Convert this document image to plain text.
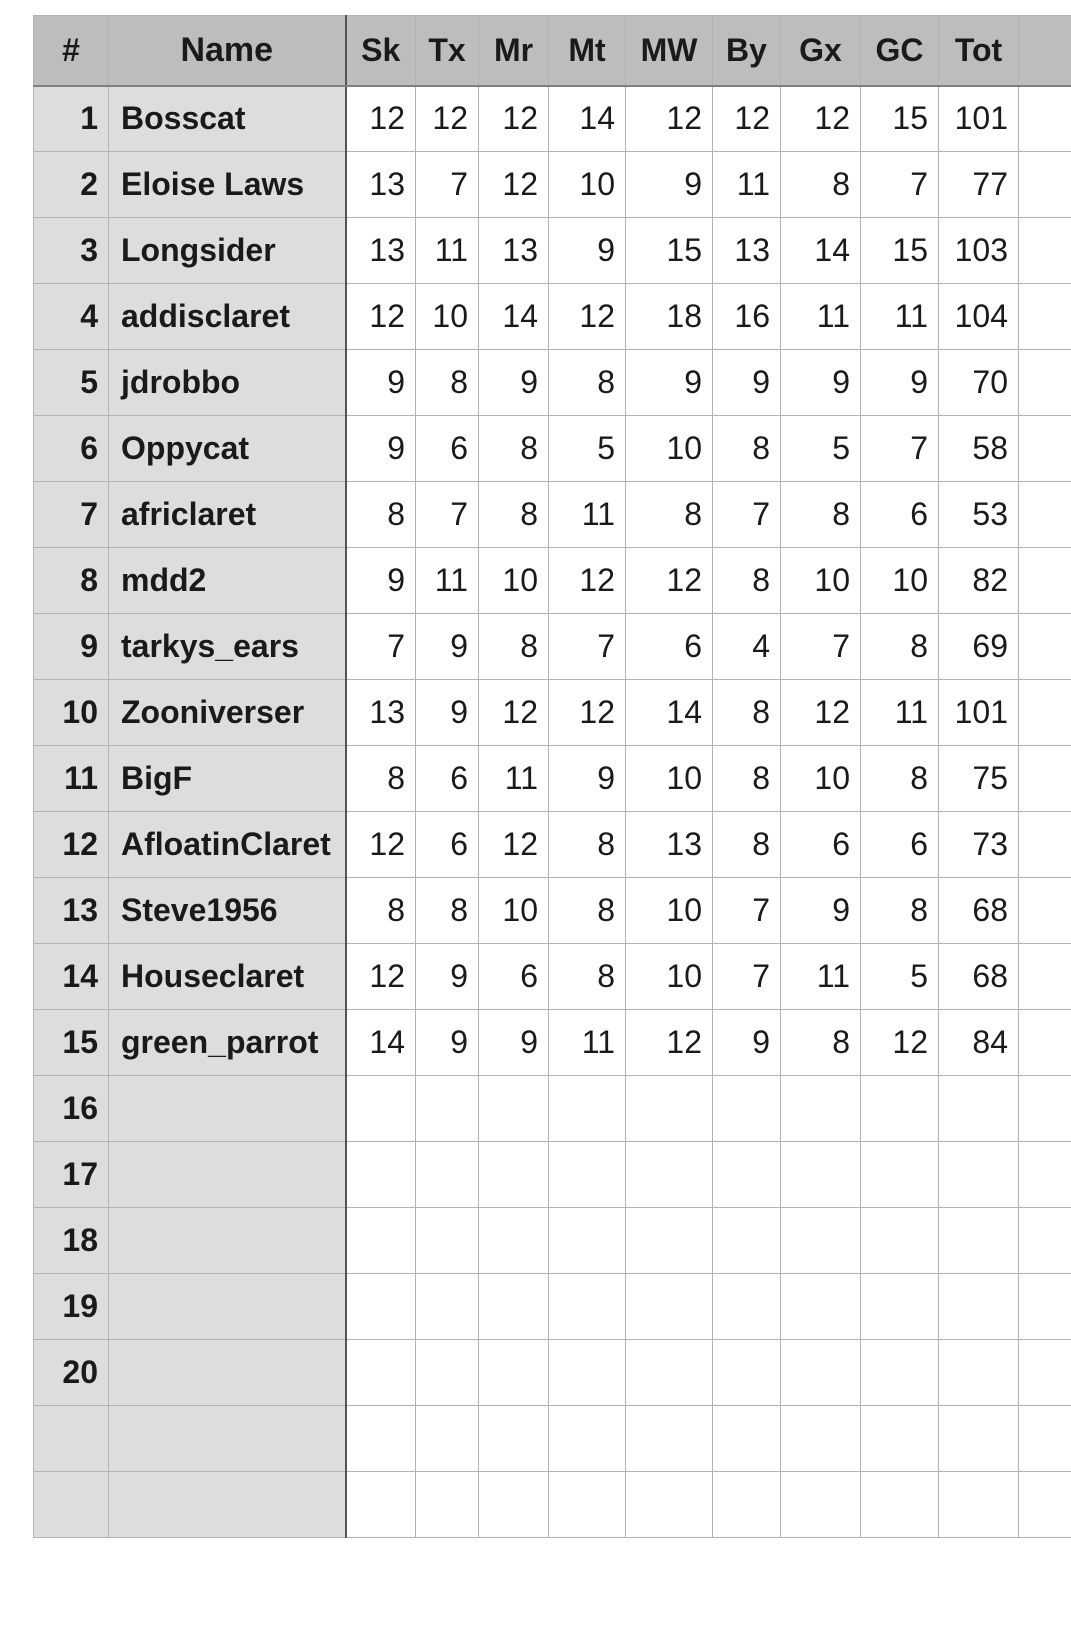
#	Name	Sk	Tx	Mr	Mt	MW	By	Gx	GC	Tot	
1	Bosscat	12	12	12	14	12	12	12	15	101	
2	Eloise Laws	13	7	12	10	9	11	8	7	77	
3	Longsider	13	11	13	9	15	13	14	15	103	
4	addisclaret	12	10	14	12	18	16	11	11	104	
5	jdrobbo	9	8	9	8	9	9	9	9	70	
6	Oppycat	9	6	8	5	10	8	5	7	58	
7	africlaret	8	7	8	11	8	7	8	6	53	
8	mdd2	9	11	10	12	12	8	10	10	82	
9	tarkys_ears	7	9	8	7	6	4	7	8	69	
10	Zooniverser	13	9	12	12	14	8	12	11	101	
11	BigF	8	6	11	9	10	8	10	8	75	
12	AfloatinClaret	12	6	12	8	13	8	6	6	73	
13	Steve1956	8	8	10	8	10	7	9	8	68	
14	Houseclaret	12	9	6	8	10	7	11	5	68	
15	green_parrot	14	9	9	11	12	9	8	12	84	
16											
17											
18											
19											
20											
